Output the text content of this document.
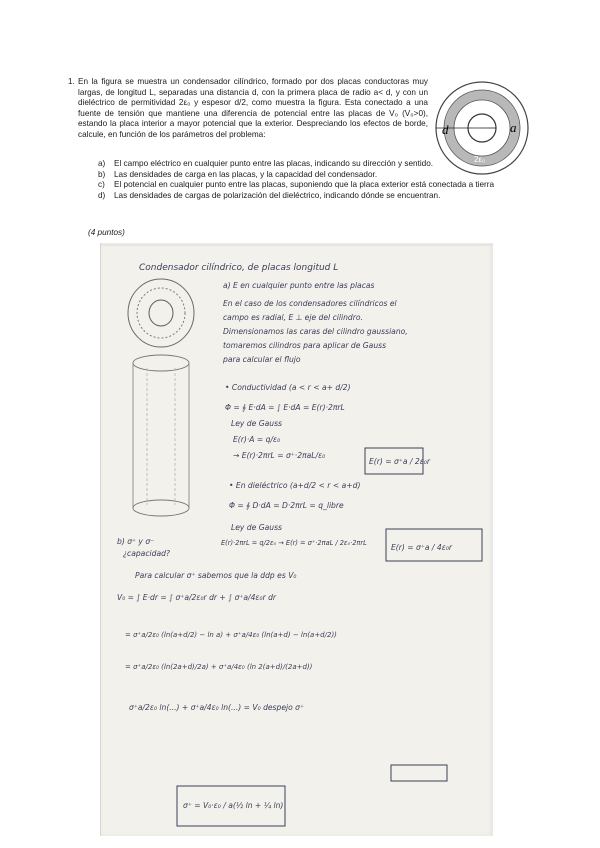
1. En la figura se muestra un condensador cilíndrico, formado por dos placas conductoras muy largas, de longitud L, separadas una distancia d, con la primera placa de radio a< d, y con un dieléctrico de permitividad 2ε₀ y espesor d/2, como muestra la figura. Esta conectado a una fuente de tensión que mantiene una diferencia de potencial entre las placas de V₀ (V₀>0), estando la placa interior a mayor potencial que la exterior. Despreciando los efectos de borde, calcule, en función de los parámetros del problema:
a) El campo eléctrico en cualquier punto entre las placas, indicando su dirección y sentido.
b) Las densidades de carga en las placas, y la capacidad del condensador.
c) El potencial en cualquier punto entre las placas, suponiendo que la placa exterior está conectada a tierra
d) Las densidades de cargas de polarización del dieléctrico, indicando dónde se encuentran.
(4 puntos)
d	a
2ε₀
Condensador cilíndrico, de placas longitud L
a) E en cualquier punto entre las placas
En el caso de los condensadores cilíndricos el
campo es radial, E ⊥ eje del cilindro.
Dimensionamos las caras del cilindro gaussiano,
tomaremos cilindros para aplicar de Gauss
para calcular el flujo
• Conductividad (a < r < a+ d/2)
Φ = ∮ E·dA = ∫ E·dA = E(r)·2πrL
Ley de Gauss
E(r)·A = q/ε₀
→ E(r)·2πrL = σ⁺·2πaL/ε₀
E(r) = σ⁺a / 2ε₀r
• En dieléctrico (a+d/2 < r < a+d)
Φ = ∮ D·dA = D·2πrL = q_libre
Ley de Gauss
b) σ⁺ y σ⁻
¿capacidad?
E(r)·2πrL = q/2ε₀ → E(r) = σ⁺·2πaL / 2ε₀·2πrL	E(r) = σ⁺a / 4ε₀r
Para calcular σ⁺ sabemos que la ddp es V₀
V₀ = ∫ E·dr = ∫ σ⁺a/2ε₀r dr + ∫ σ⁺a/4ε₀r dr
= σ⁺a/2ε₀ (ln(a+d/2) − ln a) + σ⁺a/4ε₀ (ln(a+d) − ln(a+d/2))
= σ⁺a/2ε₀ (ln(2a+d)/2a) + σ⁺a/4ε₀ (ln 2(a+d)/(2a+d))
σ⁺a/2ε₀ ln(...) + σ⁺a/4ε₀ ln(...) = V₀ despejo σ⁺
σ⁺ = V₀·ε₀ / a(½ ln + ¼ ln)
